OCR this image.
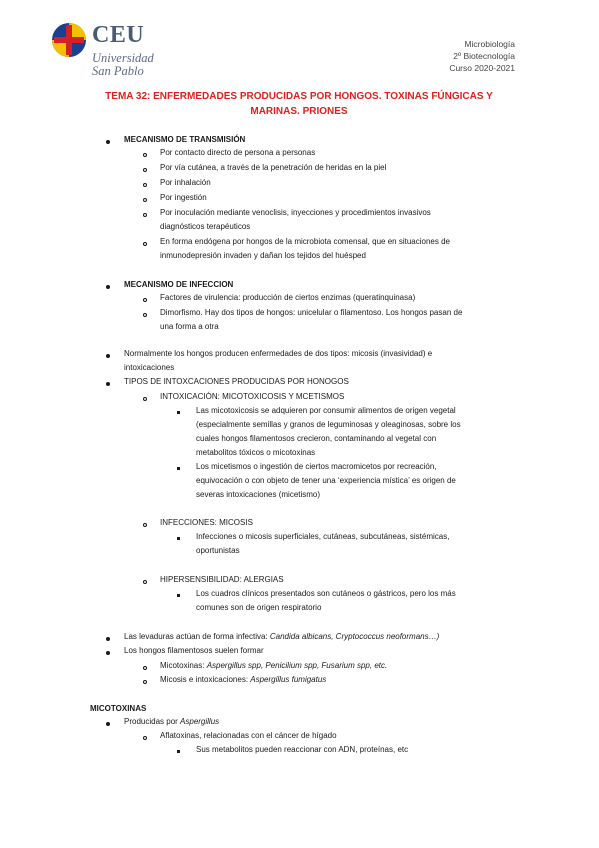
CEU
Universidad
San Pablo
Microbiología
2º Biotecnología
Curso 2020-2021
TEMA 32: ENFERMEDADES PRODUCIDAS POR HONGOS. TOXINAS FÚNGICAS Y
MARINAS. PRIONES
MECANISMO DE TRANSMISIÓN
Por contacto directo de persona a personas
Por vía cutánea, a través de la penetración de heridas en la piel
Por inhalación
Por ingestión
Por inoculación mediante venoclisis, inyecciones y procedimientos invasivos
diagnósticos terapéuticos
En forma endógena por hongos de la microbiota comensal, que en situaciones de
inmunodepresión invaden y dañan los tejidos del huésped
MECANISMO DE INFECCION
Factores de virulencia: producción de ciertos enzimas (queratinquinasa)
Dimorfismo. Hay dos tipos de hongos: unicelular o filamentoso. Los hongos pasan de
una forma a otra
Normalmente los hongos producen enfermedades de dos tipos: micosis (invasividad) e
intoxicaciones
TIPOS DE INTOXCACIONES PRODUCIDAS POR HONOGOS
INTOXICACIÓN: MICOTOXICOSIS Y MCETISMOS
Las micotoxicosis se adquieren por consumir alimentos de origen vegetal
(especialmente semillas y granos de leguminosas y oleaginosas, sobre los
cuales hongos filamentosos crecieron, contaminando al vegetal con
metabolitos tóxicos o micotoxinas
Los micetismos o ingestión de ciertos macromicetos por recreación,
equivocación o con objeto de tener una ‘experiencia mística’ es origen de
severas intoxicaciones (micetismo)
INFECCIONES: MICOSIS
Infecciones o micosis superficiales, cutáneas, subcutáneas, sistémicas,
oportunistas
HIPERSENSIBILIDAD: ALERGIAS
Los cuadros clínicos presentados son cutáneos o gástricos, pero los más
comunes son de origen respiratorio
Las levaduras actúan de forma infectiva: Candida albicans, Cryptococcus neoformans…)
Los hongos filamentosos suelen formar
Micotoxinas: Aspergillus spp, Penicilium spp, Fusarium spp, etc.
Micosis e intoxicaciones: Aspergillus fumigatus
MICOTOXINAS
Producidas por Aspergillus
Aflatoxinas, relacionadas con el cáncer de hígado
Sus metabolitos pueden reaccionar con ADN, proteínas, etc
